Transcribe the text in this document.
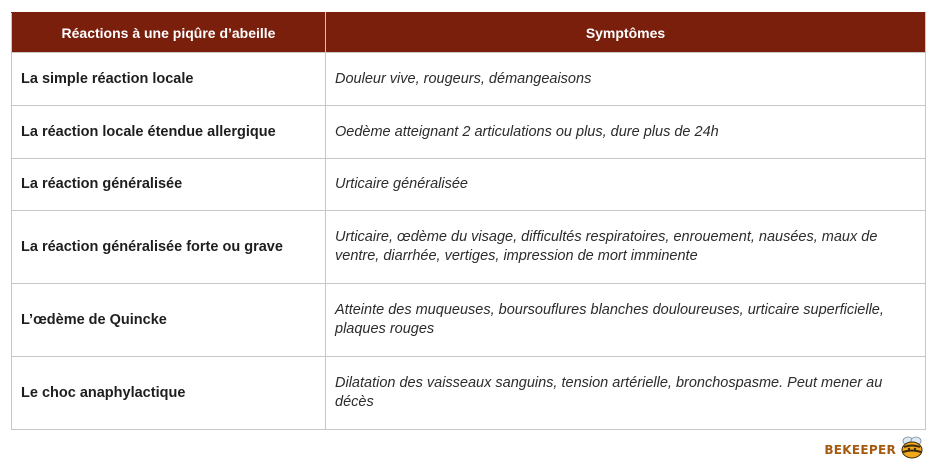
Réactions à une piqûre d’abeille	Symptômes
La simple réaction locale	Douleur vive, rougeurs, démangeaisons
La réaction locale étendue allergique	Oedème atteignant 2 articulations ou plus, dure plus de 24h
La réaction généralisée	Urticaire généralisée
La réaction généralisée forte ou grave	Urticaire, œdème du visage, difficultés respiratoires, enrouement, nausées, maux de ventre, diarrhée, vertiges, impression de mort imminente
L’œdème de Quincke	Atteinte des muqueuses, boursouflures blanches douloureuses, urticaire superficielle, plaques rouges
Le choc anaphylactique	Dilatation des vaisseaux sanguins, tension artérielle, bronchospasme. Peut mener au décès
BEKEEPER
